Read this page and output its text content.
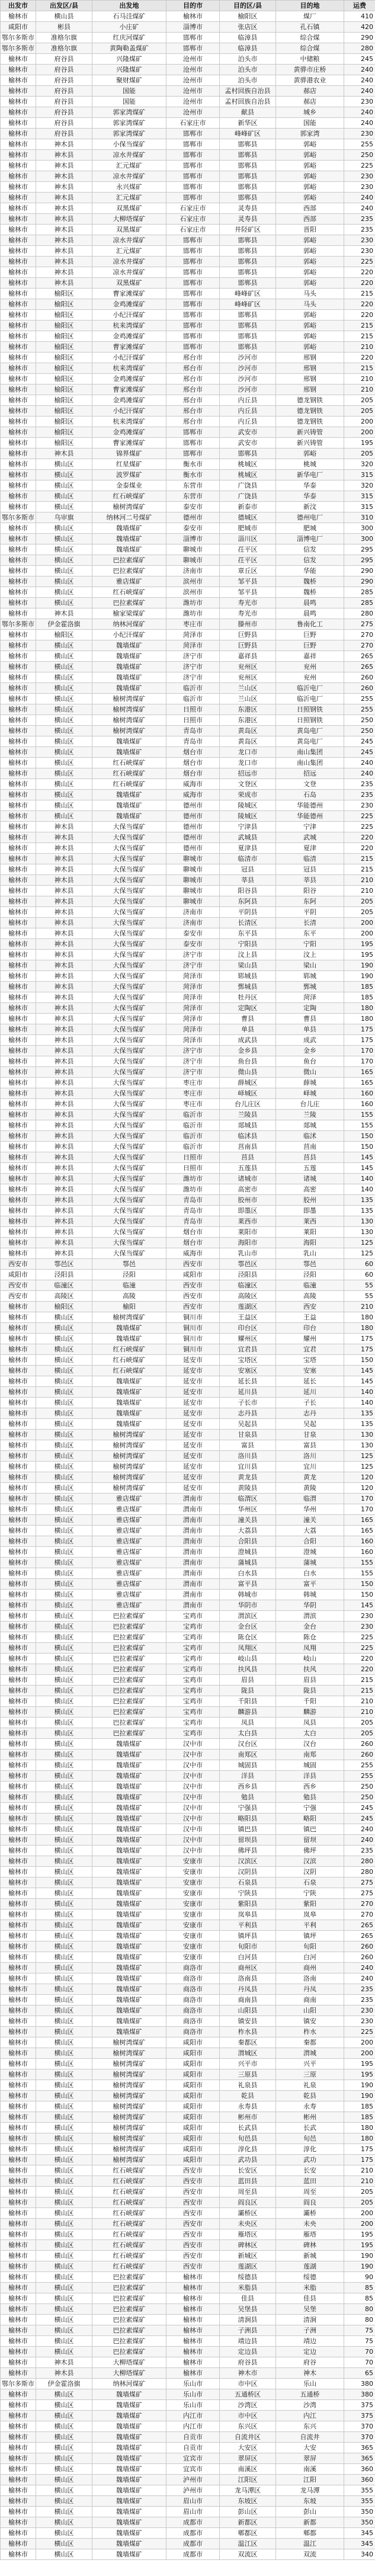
出发市	出发区/县	出发地	目的市	目的区/县	目的地	运费
榆林市	横山县	石马洼煤矿	榆林市	榆阳区	煤厂	410
咸阳市	彬县	小庄矿	淄博市	张店区	孔石镇	420
鄂尔多斯市	准格尔旗	红庆河煤矿	邯郸市	临漳县	综合煤	290
鄂尔多斯市	准格尔旗	黄陶勒盖煤矿	邯郸市	临漳县	综合煤	280
榆林市	府谷县	兴隆煤矿	沧州市	泊头市	中储粮	245
榆林市	府谷县	兴隆煤矿	沧州市	泊头市	黄骅市庄桥	240
榆林市	府谷县	聚财煤矿	沧州市	泊头市	黄骅港农业	240
榆林市	府谷县	国能	沧州市	孟村回族自治县	郝店	240
榆林市	府谷县	国能	沧州市	孟村回族自治县	郝店	230
榆林市	府谷县	郭家湾煤矿	沧州市	献县	城乡	240
榆林市	府谷县	郭家湾煤矿	石家庄市	新华区	国能	240
榆林市	府谷县	郭家湾煤矿	邯郸市	峰峰矿区	郭家湾	230
榆林市	神木县	小保当煤矿	邯郸市	邯郸县	郭峪	255
榆林市	神木县	凉水井煤矿	邯郸市	邯郸县	郭峪	250
榆林市	神木县	汇元煤矿	邯郸市	邯郸县	郭峪	225
榆林市	神木县	凉水井煤矿	邯郸市	邯郸县	郭峪	230
榆林市	神木县	永兴煤矿	邯郸市	邯郸县	郭峪	230
榆林市	神木县	汇元煤矿	邯郸市	邯郸县	郭峪	240
榆林市	神木县	双黑煤矿	石家庄市	灵寿县	西部	240
榆林市	神木县	大柳塔煤矿	石家庄市	灵寿县	西部	235
榆林市	神木县	双黑煤矿	石家庄市	井陉矿区	晋阳	235
榆林市	神木县	凉水井煤矿	邯郸市	邯郸县	郭峪	230
榆林市	神木县	汇元煤矿	邯郸市	邯郸县	郭峪	230
榆林市	神木县	凉水井煤矿	邯郸市	邯郸县	郭峪	225
榆林市	神木县	凉水井煤矿	邯郸市	邯郸县	郭峪	220
榆林市	神木县	双黑煤矿	邯郸市	邯郸县	郭峪	220
榆林市	榆阳区	曹家滩煤矿	邯郸市	峰峰矿区	马头	215
榆林市	榆阳区	金鸡滩煤矿	邯郸市	峰峰矿区	马头	220
榆林市	榆阳区	小纪汗煤矿	邯郸市	邯郸县	郭峪	220
榆林市	榆阳区	杭来湾煤矿	邯郸市	邯郸县	郭峪	215
榆林市	榆阳区	金鸡滩煤矿	邯郸市	邯郸县	郭峪	215
榆林市	榆阳区	曹家滩煤矿	邯郸市	邯郸县	郭峪	210
榆林市	榆阳区	小纪汗煤矿	邢台市	沙河市	邢钢	220
榆林市	榆阳区	杭来湾煤矿	邢台市	沙河市	邢钢	215
榆林市	榆阳区	金鸡滩煤矿	邢台市	沙河市	邢钢	210
榆林市	榆阳区	曹家滩煤矿	邢台市	沙河市	邢钢	210
榆林市	榆阳区	金鸡滩煤矿	邢台市	内丘县	德龙钢铁	205
榆林市	榆阳区	小纪汗煤矿	邢台市	内丘县	德龙钢铁	205
榆林市	榆阳区	杭来湾煤矿	邢台市	内丘县	德龙钢铁	200
榆林市	榆阳区	金鸡滩煤矿	邯郸市	武安市	新兴铸管	200
榆林市	榆阳区	曹家滩煤矿	邯郸市	武安市	新兴铸管	195
榆林市	神木县	锦界煤矿	邯郸市	邯郸县	郭峪	205
榆林市	横山区	红星煤矿	衡水市	桃城区	桃城	320
榆林市	横山区	波罗煤矿	衡水市	桃城区	新华电厂	315
榆林市	横山区	金泰煤业	东营市	广饶县	华泰	320
榆林市	横山区	红石峡煤矿	东营市	广饶县	华泰	315
榆林市	横山区	榆树湾煤矿	泰安市	新泰市	新汶	315
鄂尔多斯市	乌审旗	纳林河二号煤矿	德州市	德城区	德州电厂	310
榆林市	横山区	魏墙煤矿	泰安市	肥城市	肥城	300
榆林市	横山区	魏墙煤矿	淄博市	淄川区	淄博电厂	300
榆林市	横山区	魏墙煤矿	聊城市	茌平区	信发	295
榆林市	横山区	巴拉素煤矿	聊城市	茌平区	信发	295
榆林市	横山区	巴拉素煤矿	济南市	章丘区	华能	290
榆林市	横山区	雅店煤矿	滨州市	邹平县	魏桥	290
榆林市	横山区	红石峡煤矿	滨州市	邹平县	魏桥	285
榆林市	横山区	巴拉素煤矿	潍坊市	寿光市	晨鸣	285
榆林市	神木县	榆家梁煤矿	潍坊市	寿光市	晨鸣	280
鄂尔多斯市	伊金霍洛旗	纳林河煤矿	枣庄市	滕州市	鲁南化工	275
榆林市	榆阳区	小纪汗煤矿	菏泽市	巨野县	巨野	270
榆林市	横山区	魏墙煤矿	菏泽市	巨野县	巨野	270
榆林市	横山区	魏墙煤矿	济宁市	嘉祥县	嘉祥	265
榆林市	横山区	魏墙煤矿	济宁市	兖州区	兖州	265
榆林市	横山区	魏墙煤矿	济宁市	兖州区	兖州	260
榆林市	横山区	魏墙煤矿	临沂市	兰山区	临沂电厂	260
榆林市	横山区	榆树湾煤矿	临沂市	兰山区	临沂电厂	255
榆林市	横山区	榆树湾煤矿	日照市	东港区	日照钢铁	255
榆林市	横山区	榆树湾煤矿	日照市	东港区	日照钢铁	250
榆林市	横山区	榆树湾煤矿	青岛市	黄岛区	黄岛电厂	250
榆林市	横山区	魏墙煤矿	青岛市	黄岛区	黄岛电厂	245
榆林市	横山区	魏墙煤矿	烟台市	龙口市	南山集团	245
榆林市	横山区	红石峡煤矿	烟台市	龙口市	南山集团	240
榆林市	横山区	红石峡煤矿	烟台市	招远市	招远	240
榆林市	横山区	红石峡煤矿	威海市	文登区	文登	235
榆林市	横山区	魏墙煤矿	威海市	荣成市	石岛	235
榆林市	横山区	魏墙煤矿	德州市	陵城区	华能德州	230
榆林市	横山区	魏墙煤矿	德州市	陵城区	华能德州	225
榆林市	神木县	大保当煤矿	德州市	宁津县	宁津	225
榆林市	神木县	大保当煤矿	德州市	武城县	武城	220
榆林市	神木县	大保当煤矿	德州市	夏津县	夏津	220
榆林市	神木县	大保当煤矿	聊城市	临清市	临清	215
榆林市	神木县	大保当煤矿	聊城市	冠县	冠县	215
榆林市	神木县	大保当煤矿	聊城市	莘县	莘县	210
榆林市	神木县	大保当煤矿	聊城市	阳谷县	阳谷	210
榆林市	神木县	大保当煤矿	聊城市	东阿县	东阿	205
榆林市	神木县	大保当煤矿	济南市	平阴县	平阴	205
榆林市	神木县	大保当煤矿	济南市	长清区	长清	200
榆林市	神木县	大保当煤矿	泰安市	东平县	东平	200
榆林市	神木县	大保当煤矿	泰安市	宁阳县	宁阳	195
榆林市	神木县	大保当煤矿	济宁市	汶上县	汶上	195
榆林市	神木县	大保当煤矿	济宁市	梁山县	梁山	190
榆林市	神木县	大保当煤矿	菏泽市	郓城县	郓城	190
榆林市	神木县	大保当煤矿	菏泽市	鄄城县	鄄城	185
榆林市	神木县	大保当煤矿	菏泽市	牡丹区	菏泽	185
榆林市	神木县	大保当煤矿	菏泽市	定陶区	定陶	180
榆林市	神木县	大保当煤矿	菏泽市	曹县	曹县	180
榆林市	神木县	大保当煤矿	菏泽市	单县	单县	175
榆林市	神木县	大保当煤矿	菏泽市	成武县	成武	175
榆林市	神木县	大保当煤矿	济宁市	金乡县	金乡	170
榆林市	神木县	大保当煤矿	济宁市	鱼台县	鱼台	170
榆林市	神木县	大保当煤矿	济宁市	微山县	微山	165
榆林市	神木县	大保当煤矿	枣庄市	薛城区	薛城	165
榆林市	神木县	大保当煤矿	枣庄市	峄城区	峄城	160
榆林市	神木县	大保当煤矿	枣庄市	台儿庄区	台儿庄	160
榆林市	神木县	大保当煤矿	临沂市	兰陵县	兰陵	155
榆林市	神木县	大保当煤矿	临沂市	郯城县	郯城	155
榆林市	神木县	大保当煤矿	临沂市	临沭县	临沭	150
榆林市	神木县	大保当煤矿	临沂市	莒南县	莒南	150
榆林市	神木县	大保当煤矿	日照市	莒县	莒县	145
榆林市	神木县	大保当煤矿	日照市	五莲县	五莲	145
榆林市	神木县	大保当煤矿	潍坊市	诸城市	诸城	140
榆林市	神木县	大保当煤矿	潍坊市	高密市	高密	140
榆林市	神木县	大保当煤矿	青岛市	胶州市	胶州	135
榆林市	神木县	大保当煤矿	青岛市	即墨区	即墨	135
榆林市	神木县	大保当煤矿	青岛市	莱西市	莱西	130
榆林市	神木县	大保当煤矿	烟台市	莱阳市	莱阳	130
榆林市	神木县	大保当煤矿	烟台市	海阳市	海阳	125
榆林市	神木县	大保当煤矿	威海市	乳山市	乳山	125
西安市	鄠邑区	鄠邑	西安市	鄠邑区	鄠邑	60
咸阳市	泾阳县	泾阳	咸阳市	泾阳县	泾阳	60
西安市	临潼区	临潼	西安市	临潼区	临潼	55
西安市	高陵区	高陵	西安市	高陵区	高陵	55
榆林市	榆阳区	榆阳	西安市	莲湖区	西安	210
榆林市	横山区	榆树湾煤矿	铜川市	王益区	王益	180
榆林市	横山区	魏墙煤矿	铜川市	印台区	印台	180
榆林市	横山区	魏墙煤矿	铜川市	耀州区	耀州	175
榆林市	横山区	红石峡煤矿	铜川市	宜君县	宜君	175
榆林市	横山区	红石峡煤矿	延安市	宝塔区	宝塔	150
榆林市	横山区	红石峡煤矿	延安市	安塞区	安塞	145
榆林市	横山区	魏墙煤矿	延安市	延长县	延长	145
榆林市	横山区	魏墙煤矿	延安市	延川县	延川	140
榆林市	横山区	魏墙煤矿	延安市	子长市	子长	140
榆林市	横山区	魏墙煤矿	延安市	志丹县	志丹	135
榆林市	横山区	魏墙煤矿	延安市	吴起县	吴起	135
榆林市	横山区	榆树湾煤矿	延安市	甘泉县	甘泉	130
榆林市	横山区	榆树湾煤矿	延安市	富县	富县	130
榆林市	横山区	榆树湾煤矿	延安市	洛川县	洛川	125
榆林市	横山区	榆树湾煤矿	延安市	宜川县	宜川	125
榆林市	横山区	榆树湾煤矿	延安市	黄龙县	黄龙	120
榆林市	横山区	榆树湾煤矿	延安市	黄陵县	黄陵	120
榆林市	横山区	雅店煤矿	渭南市	临渭区	临渭	170
榆林市	横山区	雅店煤矿	渭南市	华州区	华州	170
榆林市	横山区	雅店煤矿	渭南市	潼关县	潼关	165
榆林市	横山区	雅店煤矿	渭南市	大荔县	大荔	165
榆林市	横山区	雅店煤矿	渭南市	合阳县	合阳	160
榆林市	横山区	雅店煤矿	渭南市	澄城县	澄城	160
榆林市	横山区	雅店煤矿	渭南市	蒲城县	蒲城	155
榆林市	横山区	雅店煤矿	渭南市	白水县	白水	155
榆林市	横山区	雅店煤矿	渭南市	富平县	富平	150
榆林市	横山区	雅店煤矿	渭南市	韩城市	韩城	150
榆林市	横山区	雅店煤矿	渭南市	华阴市	华阴	145
榆林市	横山区	巴拉素煤矿	宝鸡市	渭滨区	渭滨	230
榆林市	横山区	巴拉素煤矿	宝鸡市	金台区	金台	230
榆林市	横山区	巴拉素煤矿	宝鸡市	陈仓区	陈仓	225
榆林市	横山区	巴拉素煤矿	宝鸡市	凤翔区	凤翔	225
榆林市	横山区	巴拉素煤矿	宝鸡市	岐山县	岐山	220
榆林市	横山区	巴拉素煤矿	宝鸡市	扶风县	扶风	220
榆林市	横山区	巴拉素煤矿	宝鸡市	眉县	眉县	215
榆林市	横山区	巴拉素煤矿	宝鸡市	陇县	陇县	215
榆林市	横山区	巴拉素煤矿	宝鸡市	千阳县	千阳	210
榆林市	横山区	巴拉素煤矿	宝鸡市	麟游县	麟游	210
榆林市	横山区	巴拉素煤矿	宝鸡市	凤县	凤县	205
榆林市	横山区	巴拉素煤矿	宝鸡市	太白县	太白	205
榆林市	横山区	魏墙煤矿	汉中市	汉台区	汉台	260
榆林市	横山区	魏墙煤矿	汉中市	南郑区	南郑	260
榆林市	横山区	魏墙煤矿	汉中市	城固县	城固	255
榆林市	横山区	魏墙煤矿	汉中市	洋县	洋县	255
榆林市	横山区	魏墙煤矿	汉中市	西乡县	西乡	250
榆林市	横山区	魏墙煤矿	汉中市	勉县	勉县	250
榆林市	横山区	魏墙煤矿	汉中市	宁强县	宁强	245
榆林市	横山区	魏墙煤矿	汉中市	略阳县	略阳	245
榆林市	横山区	魏墙煤矿	汉中市	镇巴县	镇巴	240
榆林市	横山区	魏墙煤矿	汉中市	留坝县	留坝	240
榆林市	横山区	魏墙煤矿	汉中市	佛坪县	佛坪	235
榆林市	横山区	魏墙煤矿	安康市	汉滨区	汉滨	280
榆林市	横山区	魏墙煤矿	安康市	汉阴县	汉阴	280
榆林市	横山区	魏墙煤矿	安康市	石泉县	石泉	275
榆林市	横山区	魏墙煤矿	安康市	宁陕县	宁陕	275
榆林市	横山区	魏墙煤矿	安康市	紫阳县	紫阳	270
榆林市	横山区	魏墙煤矿	安康市	岚皋县	岚皋	270
榆林市	横山区	魏墙煤矿	安康市	平利县	平利	265
榆林市	横山区	魏墙煤矿	安康市	镇坪县	镇坪	265
榆林市	横山区	魏墙煤矿	安康市	旬阳市	旬阳	260
榆林市	横山区	魏墙煤矿	安康市	白河县	白河	260
榆林市	横山区	魏墙煤矿	商洛市	商州区	商州	240
榆林市	横山区	魏墙煤矿	商洛市	洛南县	洛南	240
榆林市	横山区	魏墙煤矿	商洛市	丹凤县	丹凤	235
榆林市	横山区	魏墙煤矿	商洛市	商南县	商南	235
榆林市	横山区	魏墙煤矿	商洛市	山阳县	山阳	230
榆林市	横山区	魏墙煤矿	商洛市	镇安县	镇安	230
榆林市	横山区	魏墙煤矿	商洛市	柞水县	柞水	225
榆林市	横山区	榆树湾煤矿	咸阳市	秦都区	秦都	200
榆林市	横山区	榆树湾煤矿	咸阳市	渭城区	渭城	200
榆林市	横山区	榆树湾煤矿	咸阳市	兴平市	兴平	195
榆林市	横山区	榆树湾煤矿	咸阳市	三原县	三原	195
榆林市	横山区	榆树湾煤矿	咸阳市	礼泉县	礼泉	190
榆林市	横山区	榆树湾煤矿	咸阳市	乾县	乾县	190
榆林市	横山区	榆树湾煤矿	咸阳市	永寿县	永寿	185
榆林市	横山区	榆树湾煤矿	咸阳市	彬州市	彬州	185
榆林市	横山区	榆树湾煤矿	咸阳市	长武县	长武	180
榆林市	横山区	榆树湾煤矿	咸阳市	旬邑县	旬邑	180
榆林市	横山区	榆树湾煤矿	咸阳市	淳化县	淳化	175
榆林市	横山区	榆树湾煤矿	咸阳市	武功县	武功	175
榆林市	横山区	红石峡煤矿	西安市	长安区	长安	210
榆林市	横山区	红石峡煤矿	西安市	蓝田县	蓝田	210
榆林市	横山区	红石峡煤矿	西安市	周至县	周至	205
榆林市	横山区	红石峡煤矿	西安市	阎良区	阎良	205
榆林市	横山区	红石峡煤矿	西安市	灞桥区	灞桥	200
榆林市	横山区	红石峡煤矿	西安市	未央区	未央	200
榆林市	横山区	红石峡煤矿	西安市	雁塔区	雁塔	195
榆林市	横山区	红石峡煤矿	西安市	碑林区	碑林	195
榆林市	横山区	红石峡煤矿	西安市	新城区	新城	190
榆林市	横山区	红石峡煤矿	西安市	莲湖区	莲湖	190
榆林市	横山区	巴拉素煤矿	榆林市	绥德县	绥德	90
榆林市	横山区	巴拉素煤矿	榆林市	米脂县	米脂	85
榆林市	横山区	巴拉素煤矿	榆林市	佳县	佳县	85
榆林市	横山区	巴拉素煤矿	榆林市	吴堡县	吴堡	80
榆林市	横山区	巴拉素煤矿	榆林市	清涧县	清涧	80
榆林市	横山区	巴拉素煤矿	榆林市	子洲县	子洲	75
榆林市	横山区	巴拉素煤矿	榆林市	靖边县	靖边	75
榆林市	横山区	巴拉素煤矿	榆林市	定边县	定边	70
榆林市	神木县	大柳塔煤矿	榆林市	府谷县	府谷	70
榆林市	神木县	大柳塔煤矿	榆林市	神木市	神木	65
鄂尔多斯市	伊金霍洛旗	纳林河煤矿	乐山市	市中区	乐山	380
榆林市	横山区	魏墙煤矿	乐山市	五通桥区	五通桥	380
榆林市	横山区	魏墙煤矿	乐山市	沙湾区	沙湾	375
榆林市	横山区	魏墙煤矿	内江市	市中区	内江	375
榆林市	横山区	魏墙煤矿	内江市	东兴区	东兴	370
榆林市	横山区	魏墙煤矿	自贡市	自流井区	自流井	370
榆林市	横山区	魏墙煤矿	自贡市	大安区	大安	365
榆林市	横山区	魏墙煤矿	宜宾市	翠屏区	翠屏	365
榆林市	横山区	魏墙煤矿	宜宾市	南溪区	南溪	360
榆林市	横山区	魏墙煤矿	泸州市	江阳区	江阳	360
榆林市	横山区	魏墙煤矿	泸州市	龙马潭区	龙马潭	355
榆林市	横山区	魏墙煤矿	眉山市	东坡区	东坡	355
榆林市	横山区	魏墙煤矿	眉山市	彭山区	彭山	350
榆林市	横山区	魏墙煤矿	成都市	新都区	新都	350
榆林市	横山区	魏墙煤矿	成都市	郫都区	郫都	345
榆林市	横山区	魏墙煤矿	成都市	温江区	温江	345
榆林市	横山区	魏墙煤矿	成都市	双流区	双流	340
